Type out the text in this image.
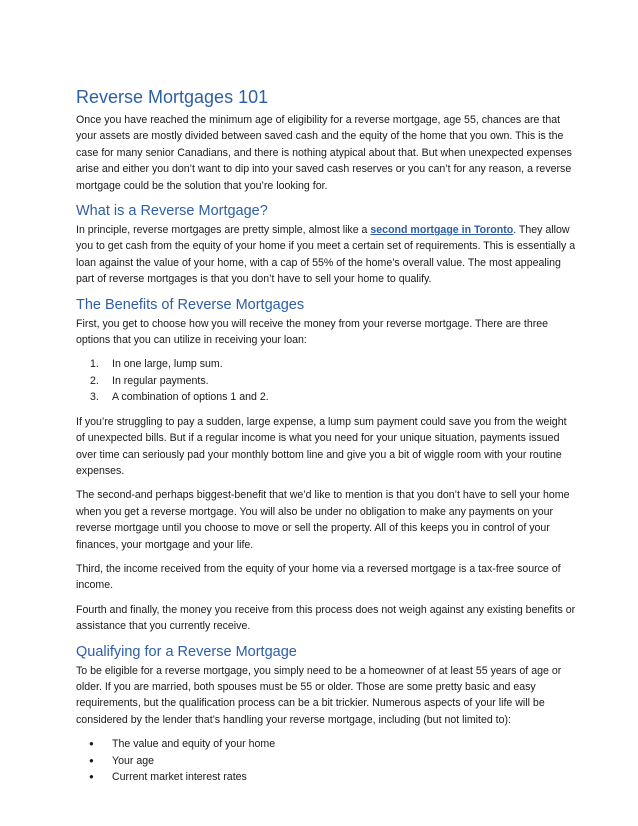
Reverse Mortgages 101

Once you have reached the minimum age of eligibility for a reverse mortgage, age 55, chances are that your assets are mostly divided between saved cash and the equity of the home that you own. This is the case for many senior Canadians, and there is nothing atypical about that. But when unexpected expenses arise and either you don’t want to dip into your saved cash reserves or you can’t for any reason, a reverse mortgage could be the solution that you’re looking for.

What is a Reverse Mortgage?

In principle, reverse mortgages are pretty simple, almost like a second mortgage in Toronto. They allow you to get cash from the equity of your home if you meet a certain set of requirements. This is essentially a loan against the value of your home, with a cap of 55% of the home’s overall value. The most appealing part of reverse mortgages is that you don’t have to sell your home to qualify.

The Benefits of Reverse Mortgages

First, you get to choose how you will receive the money from your reverse mortgage. There are three options that you can utilize in receiving your loan:

1. In one large, lump sum.
2. In regular payments.
3. A combination of options 1 and 2.

If you’re struggling to pay a sudden, large expense, a lump sum payment could save you from the weight of unexpected bills. But if a regular income is what you need for your unique situation, payments issued over time can seriously pad your monthly bottom line and give you a bit of wiggle room with your routine expenses.

The second-and perhaps biggest-benefit that we’d like to mention is that you don’t have to sell your home when you get a reverse mortgage. You will also be under no obligation to make any payments on your reverse mortgage until you choose to move or sell the property. All of this keeps you in control of your finances, your mortgage and your life.

Third, the income received from the equity of your home via a reversed mortgage is a tax-free source of income.

Fourth and finally, the money you receive from this process does not weigh against any existing benefits or assistance that you currently receive.

Qualifying for a Reverse Mortgage

To be eligible for a reverse mortgage, you simply need to be a homeowner of at least 55 years of age or older. If you are married, both spouses must be 55 or older. Those are some pretty basic and easy requirements, but the qualification process can be a bit trickier. Numerous aspects of your life will be considered by the lender that’s handling your reverse mortgage, including (but not limited to):

● The value and equity of your home
● Your age
● Current market interest rates
